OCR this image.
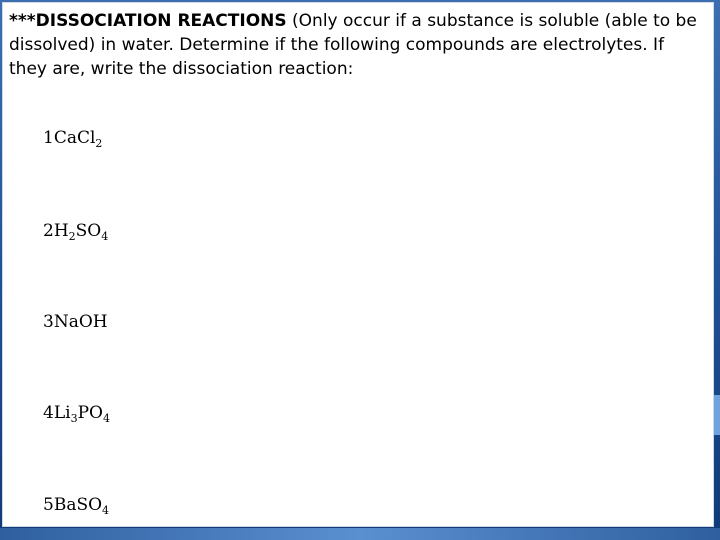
***DISSOCIATION REACTIONS (Only occur if a substance is soluble (able to be dissolved) in water. Determine if the following compounds are electrolytes. If they are, write the dissociation reaction:

1CaCl$_2$
$2H_2SO_4$
3NaOH
$4Li_3PO_4$
5BaSO$_4$
